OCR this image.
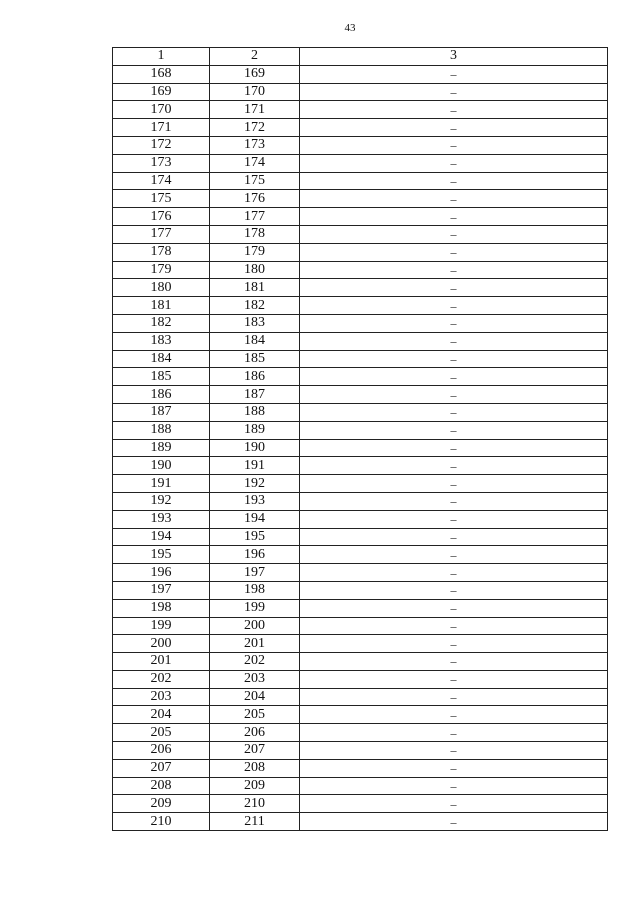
43
1	2	3
168	169	–
169	170	–
170	171	–
171	172	–
172	173	–
173	174	–
174	175	–
175	176	–
176	177	–
177	178	–
178	179	–
179	180	–
180	181	–
181	182	–
182	183	–
183	184	–
184	185	–
185	186	–
186	187	–
187	188	–
188	189	–
189	190	–
190	191	–
191	192	–
192	193	–
193	194	–
194	195	–
195	196	–
196	197	–
197	198	–
198	199	–
199	200	–
200	201	–
201	202	–
202	203	–
203	204	–
204	205	–
205	206	–
206	207	–
207	208	–
208	209	–
209	210	–
210	211	–
